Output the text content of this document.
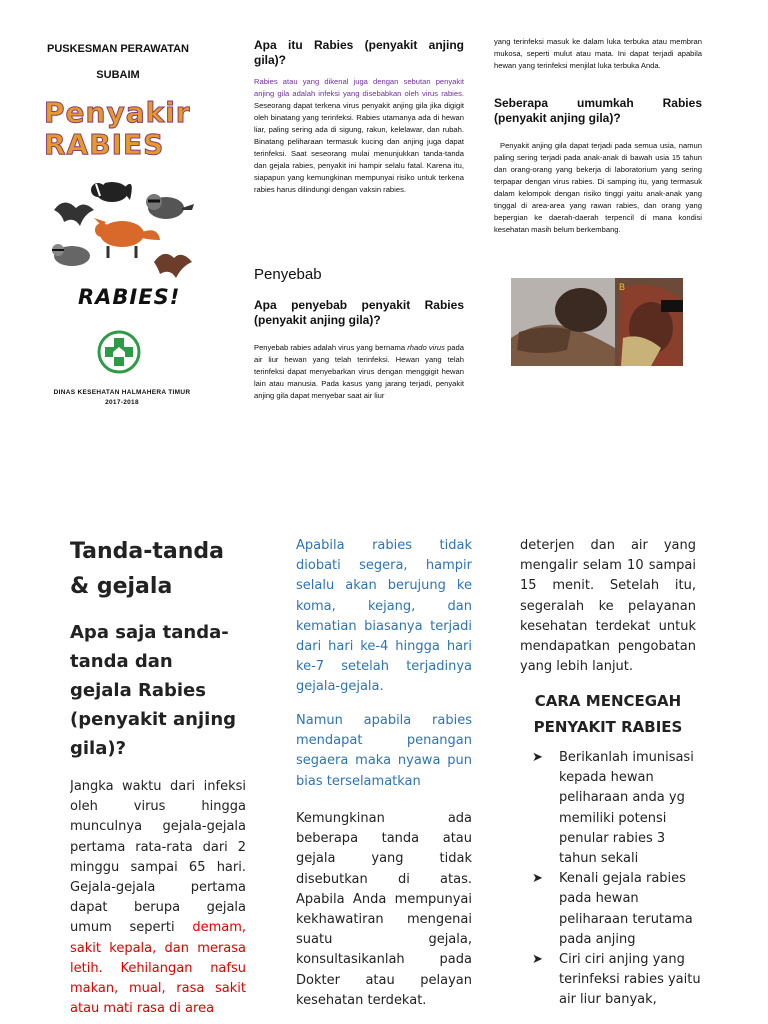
PUSKESMAN PERAWATAN
SUBAIM
Penyakir
RABIES
RABIES!
DINAS KESEHATAN HALMAHERA TIMUR
2017-2018
Apa itu Rabies (penyakit anjing gila)?
Rabies atau yang dikenal juga dengan sebutan penyakit anjing gila adalah infeksi yang disebabkan oleh virus rabies. Seseorang dapat terkena virus penyakit anjing gila jika digigit oleh binatang yang terinfeksi. Rabies utamanya ada di hewan liar, paling sering ada di sigung, rakun, kelelawar, dan rubah. Binatang peliharaan termasuk kucing dan anjing juga dapat terinfeksi. Saat seseorang mulai menunjukkan tanda-tanda dan gejala rabies, penyakit ini hampir selalu fatal. Karena itu, siapapun yang kemungkinan mempunyai risiko untuk terkena rabies harus dilindungi dengan vaksin rabies.
Penyebab
Apa penyebab penyakit Rabies (penyakit anjing gila)?
Penyebab rabies adalah virus yang bernama rhado virus pada air liur hewan yang telah terinfeksi. Hewan yang telah terinfeksi dapat menyebarkan virus dengan menggigit hewan lain atau manusia. Pada kasus yang jarang terjadi, penyakit anjing gila dapat menyebar saat air liur
yang terinfeksi masuk ke dalam luka terbuka atau membran mukosa, seperti mulut atau mata. Ini dapat terjadi apabila hewan yang terinfeksi menjilat luka terbuka Anda.
Seberapa umumkah Rabies (penyakit anjing gila)?
Penyakit anjing gila dapat terjadi pada semua usia, namun paling sering terjadi pada anak-anak di bawah usia 15 tahun dan orang-orang yang bekerja di laboratorium yang sering terpapar dengan virus rabies. Di samping itu, yang termasuk dalam kelompok dengan risiko tinggi yaitu anak-anak yang tinggal di area-area yang rawan rabies, dan orang yang bepergian ke daerah-daerah terpencil di mana kondisi kesehatan masih belum berkembang.
B
Tanda-tanda
& gejala
Apa saja tanda-
tanda dan
gejala Rabies
(penyakit anjing
gila)?
Jangka waktu dari infeksi oleh virus hingga munculnya gejala-gejala pertama rata-rata dari 2 minggu sampai 65 hari. Gejala-gejala pertama dapat berupa gejala umum seperti demam, sakit kepala, dan merasa letih. Kehilangan nafsu makan, mual, rasa sakit atau mati rasa di area
Apabila rabies tidak diobati segera, hampir selalu akan berujung ke koma, kejang, dan kematian biasanya terjadi dari hari ke-4 hingga hari ke-7 setelah terjadinya gejala-gejala.
Namun apabila rabies mendapat penangan segaera maka nyawa pun bias terselamatkan
Kemungkinan ada beberapa tanda atau gejala yang tidak disebutkan di atas. Apabila Anda mempunyai kekhawatiran mengenai suatu gejala, konsultasikanlah pada Dokter atau pelayan kesehatan terdekat.
deterjen dan air yang mengalir selam 10 sampai 15 menit. Setelah itu, segeralah ke pelayanan kesehatan terdekat untuk mendapatkan pengobatan yang lebih lanjut.
CARA MENCEGAH
PENYAKIT RABIES
➤ Berikanlah imunisasi kepada hewan peliharaan anda yg memiliki potensi penular rabies 3 tahun sekali
➤ Kenali gejala rabies pada hewan peliharaan terutama pada anjing
➤ Ciri ciri anjing yang terinfeksi rabies yaitu air liur banyak,
